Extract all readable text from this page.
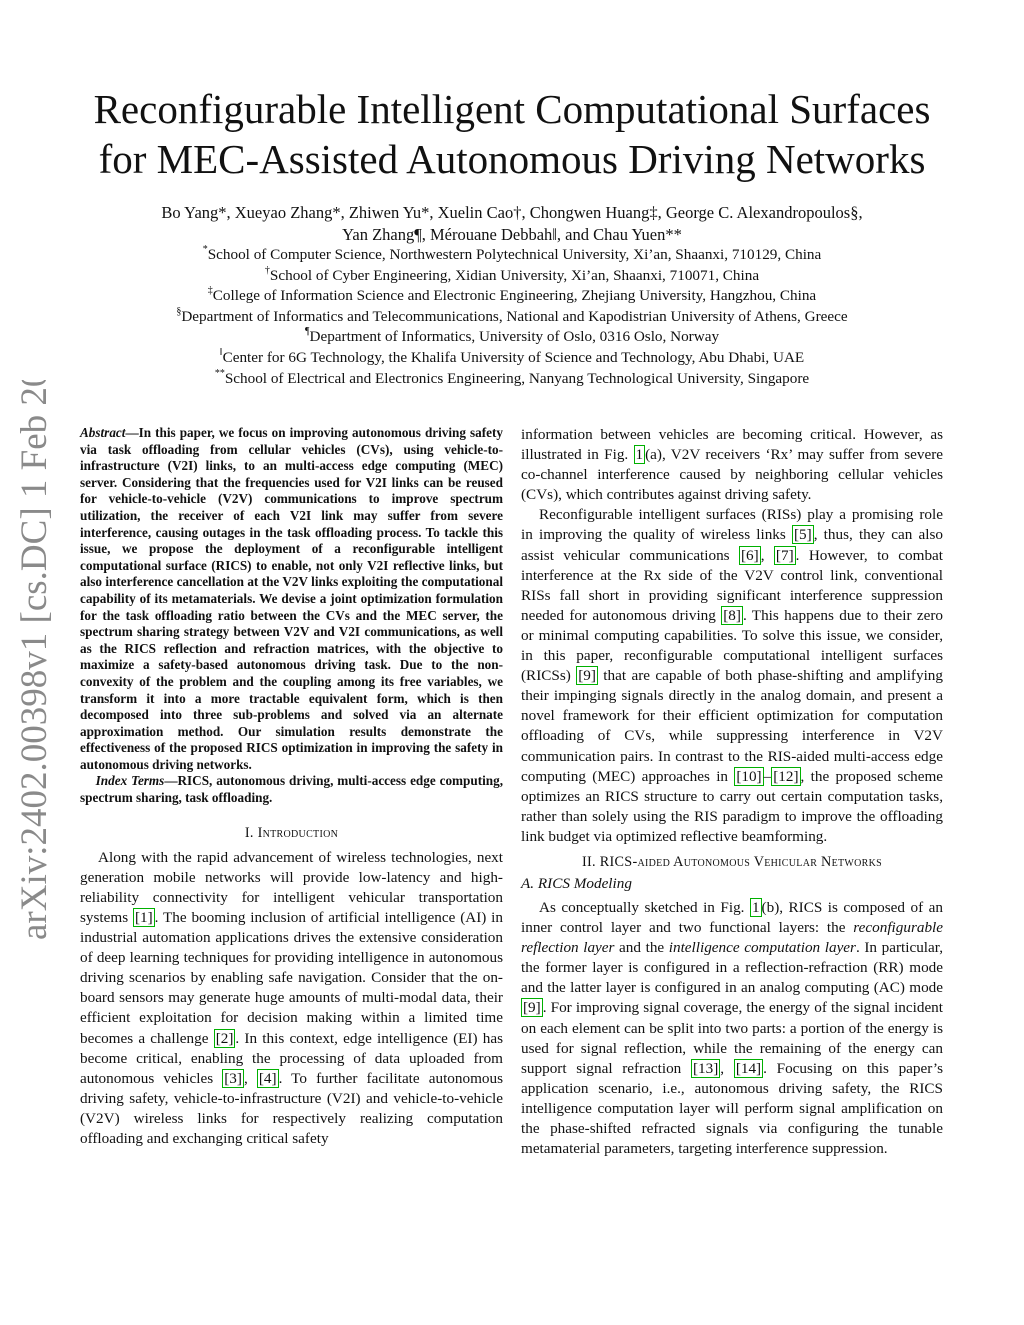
arXiv:2402.00398v1 [cs.DC] 1 Feb 2024
Reconfigurable Intelligent Computational Surfaces
for MEC-Assisted Autonomous Driving Networks
Bo Yang*, Xueyao Zhang*, Zhiwen Yu*, Xuelin Cao†, Chongwen Huang‡, George C. Alexandropoulos§,
Yan Zhang¶, Mérouane Debbah‖, and Chau Yuen**
*School of Computer Science, Northwestern Polytechnical University, Xi’an, Shaanxi, 710129, China
†School of Cyber Engineering, Xidian University, Xi’an, Shaanxi, 710071, China
‡College of Information Science and Electronic Engineering, Zhejiang University, Hangzhou, China
§Department of Informatics and Telecommunications, National and Kapodistrian University of Athens, Greece
¶Department of Informatics, University of Oslo, 0316 Oslo, Norway
‖Center for 6G Technology, the Khalifa University of Science and Technology, Abu Dhabi, UAE
**School of Electrical and Electronics Engineering, Nanyang Technological University, Singapore
Abstract—In this paper, we focus on improving autonomous driving safety via task offloading from cellular vehicles (CVs), using vehicle-to-infrastructure (V2I) links, to an multi-access edge computing (MEC) server. Considering that the frequencies used for V2I links can be reused for vehicle-to-vehicle (V2V) communications to improve spectrum utilization, the receiver of each V2I link may suffer from severe interference, causing outages in the task offloading process. To tackle this issue, we propose the deployment of a reconfigurable intelligent computational surface (RICS) to enable, not only V2I reflective links, but also interference cancellation at the V2V links exploiting the computational capability of its metamaterials. We devise a joint optimization formulation for the task offloading ratio between the CVs and the MEC server, the spectrum sharing strategy between V2V and V2I communications, as well as the RICS reflection and refraction matrices, with the objective to maximize a safety-based autonomous driving task. Due to the non-convexity of the problem and the coupling among its free variables, we transform it into a more tractable equivalent form, which is then decomposed into three sub-problems and solved via an alternate approximation method. Our simulation results demonstrate the effectiveness of the proposed RICS optimization in improving the safety in autonomous driving networks.
Index Terms—RICS, autonomous driving, multi-access edge computing, spectrum sharing, task offloading.
I. Introduction

Along with the rapid advancement of wireless technologies, next generation mobile networks will provide low-latency and high-reliability connectivity for intelligent vehicular transportation systems [1] . The booming inclusion of artificial intelligence (AI) in industrial automation applications drives the extensive consideration of deep learning techniques for providing intelligence in autonomous driving scenarios by enabling safe navigation. Consider that the on-board sensors may generate huge amounts of multi-modal data, their efficient exploitation for decision making within a limited time becomes a challenge [2] . In this context, edge intelligence (EI) has become critical, enabling the processing of data uploaded from autonomous vehicles [3] , [4] . To further facilitate autonomous driving safety, vehicle-to-infrastructure (V2I) and vehicle-to-vehicle (V2V) wireless links for respectively realizing computation offloading and exchanging critical safety

information between vehicles are becoming critical. However, as illustrated in Fig. 1 (a), V2V receivers ‘Rx’ may suffer from severe co-channel interference caused by neighboring cellular vehicles (CVs), which contributes against driving safety.

Reconfigurable intelligent surfaces (RISs) play a promising role in improving the quality of wireless links [5] , thus, they can also assist vehicular communications [6] , [7] . However, to combat interference at the Rx side of the V2V control link, conventional RISs fall short in providing significant interference suppression needed for autonomous driving [8] . This happens due to their zero or minimal computing capabilities. To solve this issue, we consider, in this paper, reconfigurable computational intelligent surfaces (RICSs) [9] that are capable of both phase-shifting and amplifying their impinging signals directly in the analog domain, and present a novel framework for their efficient optimization for computation offloading of CVs, while suppressing interference in V2V communication pairs. In contrast to the RIS-aided multi-access edge computing (MEC) approaches in [10] – [12] , the proposed scheme optimizes an RICS structure to carry out certain computation tasks, rather than solely using the RIS paradigm to improve the offloading link budget via optimized reflective beamforming.

II. RICS-aided Autonomous Vehicular Networks
A. RICS Modeling

As conceptually sketched in Fig. 1 (b), RICS is composed of an inner control layer and two functional layers: the reconfigurable reflection layer and the intelligence computation layer. In particular, the former layer is configured in a reflection-refraction (RR) mode and the latter layer is configured in an analog computing (AC) mode [9] . For improving signal coverage, the energy of the signal incident on each element can be split into two parts: a portion of the energy is used for signal reflection, while the remaining of the energy can support signal refraction [13] , [14] . Focusing on this paper’s application scenario, i.e., autonomous driving safety, the RICS intelligence computation layer will perform signal amplification on the phase-shifted refracted signals via configuring the tunable metamaterial parameters, targeting interference suppression.
